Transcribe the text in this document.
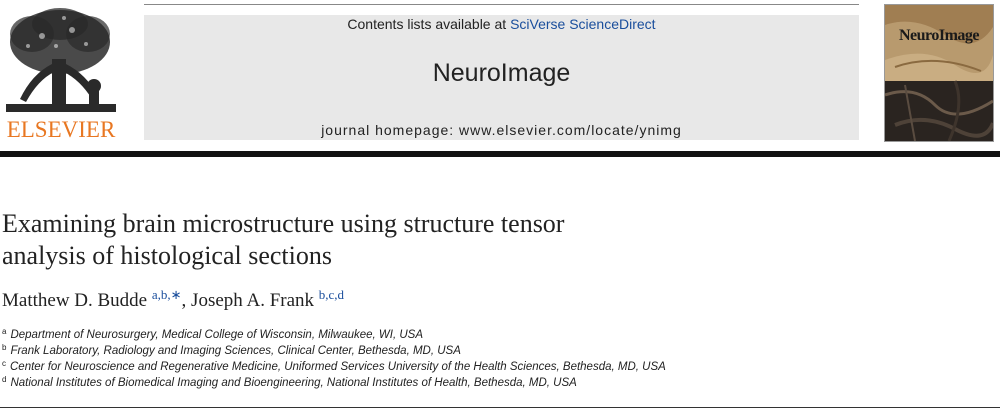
ELSEVIER
Contents lists available at SciVerse ScienceDirect
NeuroImage
journal homepage: www.elsevier.com/locate/ynimg
NeuroImage
Examining brain microstructure using structure tensor
analysis of histological sections
Matthew D. Budde $^{a,b,∗}$, Joseph A. Frank $^{b,c,d}$
$^a$ Department of Neurosurgery, Medical College of Wisconsin, Milwaukee, WI, USA
$^b$ Frank Laboratory, Radiology and Imaging Sciences, Clinical Center, Bethesda, MD, USA
$^c$ Center for Neuroscience and Regenerative Medicine, Uniformed Services University of the Health Sciences, Bethesda, MD, USA
$^d$ National Institutes of Biomedical Imaging and Bioengineering, National Institutes of Health, Bethesda, MD, USA
